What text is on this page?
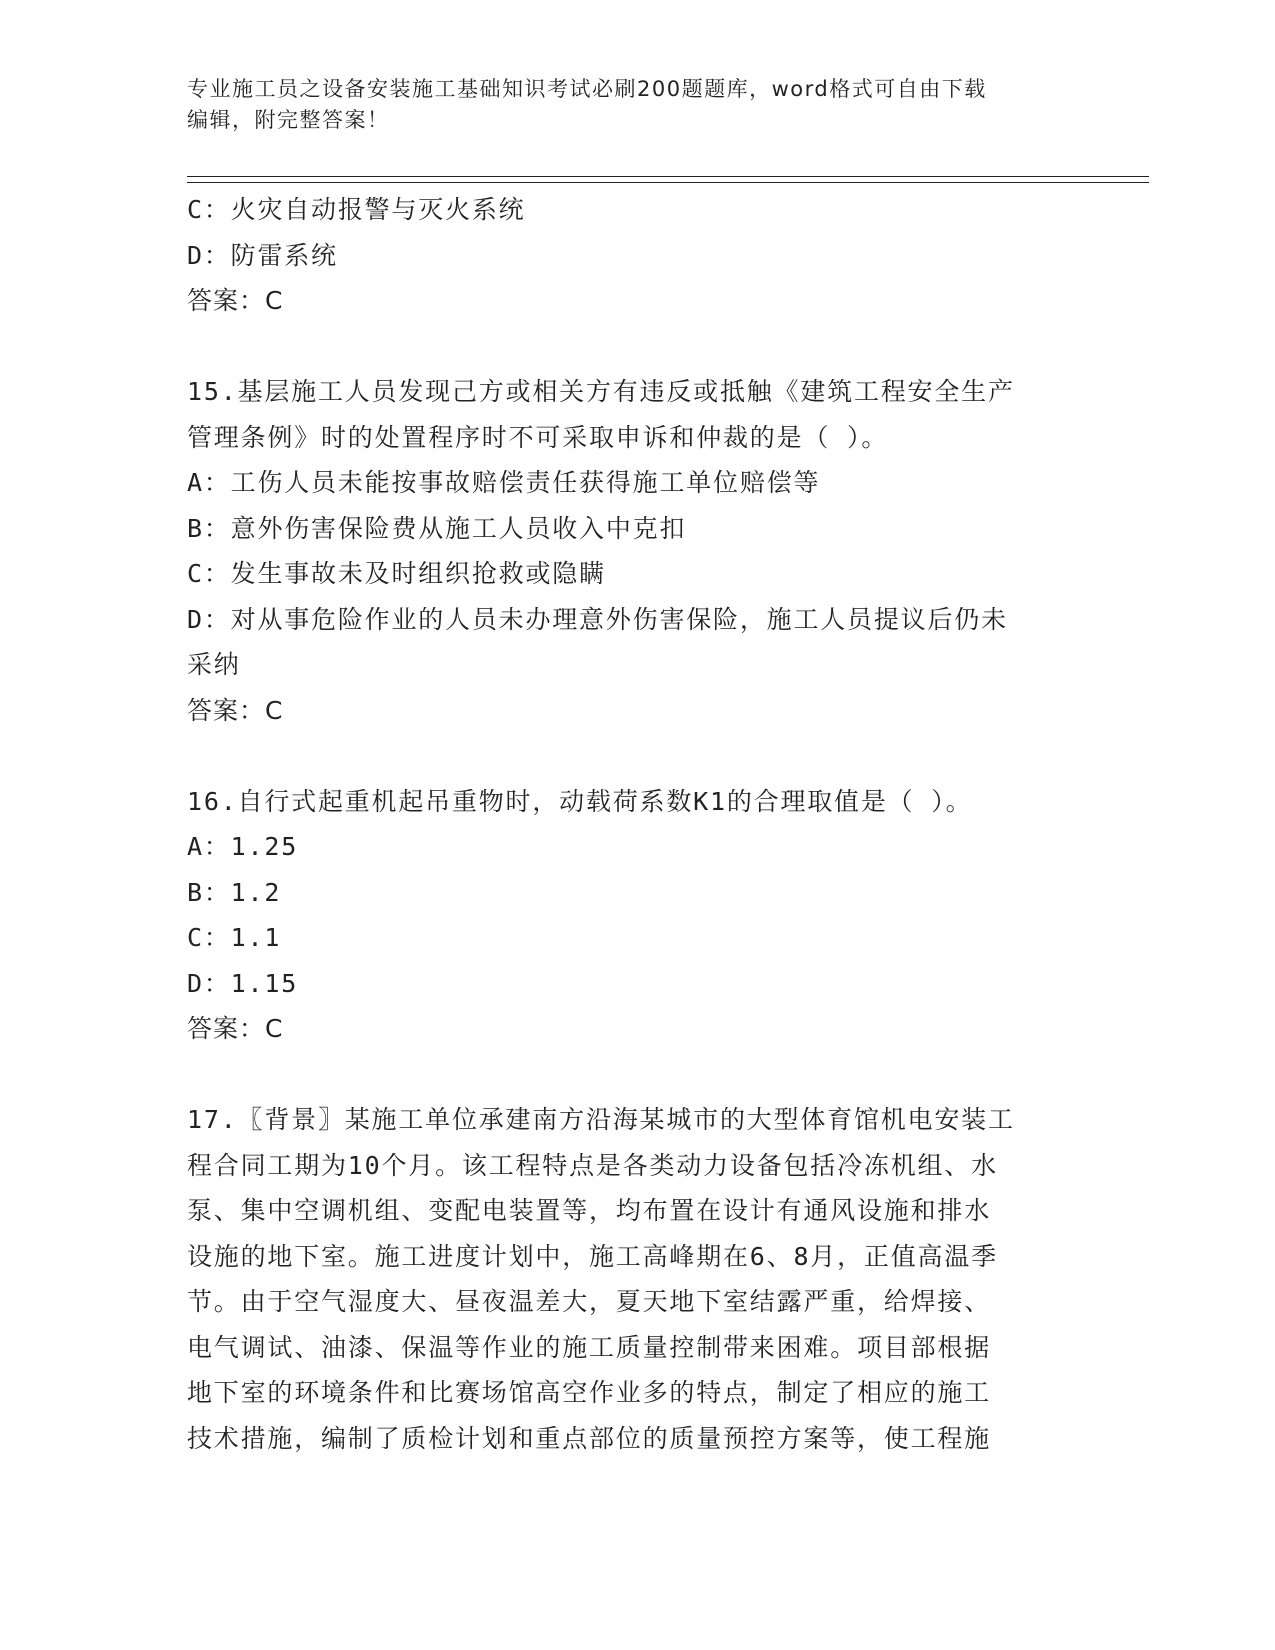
专业施工员之设备安装施工基础知识考试必刷200题题库，word格式可自由下载
编辑，附完整答案！

C：火灾自动报警与灭火系统

D：防雷系统

答案：C

15.基层施工人员发现己方或相关方有违反或抵触《建筑工程安全生产

管理条例》时的处置程序时不可采取申诉和仲裁的是（ ）。

A：工伤人员未能按事故赔偿责任获得施工单位赔偿等

B：意外伤害保险费从施工人员收入中克扣

C：发生事故未及时组织抢救或隐瞒

D：对从事危险作业的人员未办理意外伤害保险，施工人员提议后仍未

采纳

答案：C

16.自行式起重机起吊重物时，动载荷系数K1的合理取值是（ ）。

A：1.25

B：1.2

C：1.1

D：1.15

答案：C

17.〖背景〗某施工单位承建南方沿海某城市的大型体育馆机电安装工

程合同工期为10个月。该工程特点是各类动力设备包括冷冻机组、水

泵、集中空调机组、变配电装置等，均布置在设计有通风设施和排水

设施的地下室。施工进度计划中，施工高峰期在6、8月，正值高温季

节。由于空气湿度大、昼夜温差大，夏天地下室结露严重，给焊接、

电气调试、油漆、保温等作业的施工质量控制带来困难。项目部根据

地下室的环境条件和比赛场馆高空作业多的特点，制定了相应的施工

技术措施，编制了质检计划和重点部位的质量预控方案等，使工程施
